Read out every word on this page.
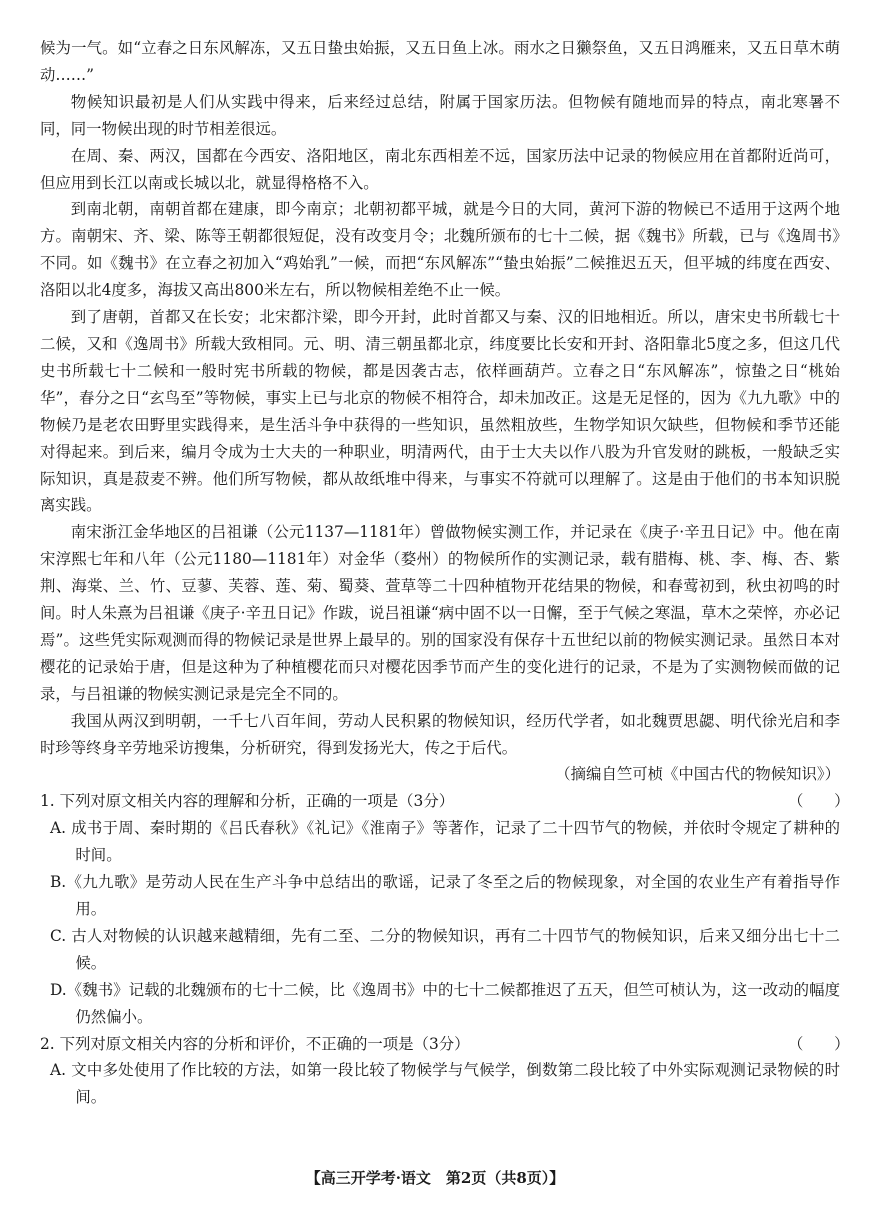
候为一气。如“立春之日东风解冻，又五日蛰虫始振，又五日鱼上冰。雨水之日獭祭鱼，又五日鸿雁来，又五日草木萌动……”

物候知识最初是人们从实践中得来，后来经过总结，附属于国家历法。但物候有随地而异的特点，南北寒暑不同，同一物候出现的时节相差很远。

在周、秦、两汉，国都在今西安、洛阳地区，南北东西相差不远，国家历法中记录的物候应用在首都附近尚可，但应用到长江以南或长城以北，就显得格格不入。

到南北朝，南朝首都在建康，即今南京；北朝初都平城，就是今日的大同，黄河下游的物候已不适用于这两个地方。南朝宋、齐、梁、陈等王朝都很短促，没有改变月令；北魏所颁布的七十二候，据《魏书》所载，已与《逸周书》不同。如《魏书》在立春之初加入“鸡始乳”一候，而把“东风解冻”“蛰虫始振”二候推迟五天，但平城的纬度在西安、洛阳以北4度多，海拔又高出800米左右，所以物候相差绝不止一候。

到了唐朝，首都又在长安；北宋都汴梁，即今开封，此时首都又与秦、汉的旧地相近。所以，唐宋史书所载七十二候，又和《逸周书》所载大致相同。元、明、清三朝虽都北京，纬度要比长安和开封、洛阳靠北5度之多，但这几代史书所载七十二候和一般时宪书所载的物候，都是因袭古志，依样画葫芦。立春之日“东风解冻”，惊蛰之日“桃始华”，春分之日“玄鸟至”等物候，事实上已与北京的物候不相符合，却未加改正。这是无足怪的，因为《九九歌》中的物候乃是老农田野里实践得来，是生活斗争中获得的一些知识，虽然粗放些，生物学知识欠缺些，但物候和季节还能对得起来。到后来，编月令成为士大夫的一种职业，明清两代，由于士大夫以作八股为升官发财的跳板，一般缺乏实际知识，真是菽麦不辨。他们所写物候，都从故纸堆中得来，与事实不符就可以理解了。这是由于他们的书本知识脱离实践。

南宋浙江金华地区的吕祖谦（公元1137—1181年）曾做物候实测工作，并记录在《庚子·辛丑日记》中。他在南宋淳熙七年和八年（公元1180—1181年）对金华（婺州）的物候所作的实测记录，载有腊梅、桃、李、梅、杏、紫荆、海棠、兰、竹、豆蓼、芙蓉、莲、菊、蜀葵、萱草等二十四种植物开花结果的物候，和春莺初到，秋虫初鸣的时间。时人朱熹为吕祖谦《庚子·辛丑日记》作跋，说吕祖谦“病中固不以一日懈，至于气候之寒温，草木之荣悴，亦必记焉”。这些凭实际观测而得的物候记录是世界上最早的。别的国家没有保存十五世纪以前的物候实测记录。虽然日本对樱花的记录始于唐，但是这种为了种植樱花而只对樱花因季节而产生的变化进行的记录，不是为了实测物候而做的记录，与吕祖谦的物候实测记录是完全不同的。

我国从两汉到明朝，一千七八百年间，劳动人民积累的物候知识，经历代学者，如北魏贾思勰、明代徐光启和李时珍等终身辛劳地采访搜集，分析研究，得到发扬光大，传之于后代。

（摘编自竺可桢《中国古代的物候知识》）

1. 下列对原文相关内容的理解和分析，正确的一项是（3分）	（　　）

A. 成书于周、秦时期的《吕氏春秋》《礼记》《淮南子》等著作，记录了二十四节气的物候，并依时令规定了耕种的时间。

B.《九九歌》是劳动人民在生产斗争中总结出的歌谣，记录了冬至之后的物候现象，对全国的农业生产有着指导作用。

C. 古人对物候的认识越来越精细，先有二至、二分的物候知识，再有二十四节气的物候知识，后来又细分出七十二候。

D.《魏书》记载的北魏颁布的七十二候，比《逸周书》中的七十二候都推迟了五天，但竺可桢认为，这一改动的幅度仍然偏小。

2. 下列对原文相关内容的分析和评价，不正确的一项是（3分）	（　　）

A. 文中多处使用了作比较的方法，如第一段比较了物候学与气候学，倒数第二段比较了中外实际观测记录物候的时间。

【高三开学考·语文　第2页（共8页）】
